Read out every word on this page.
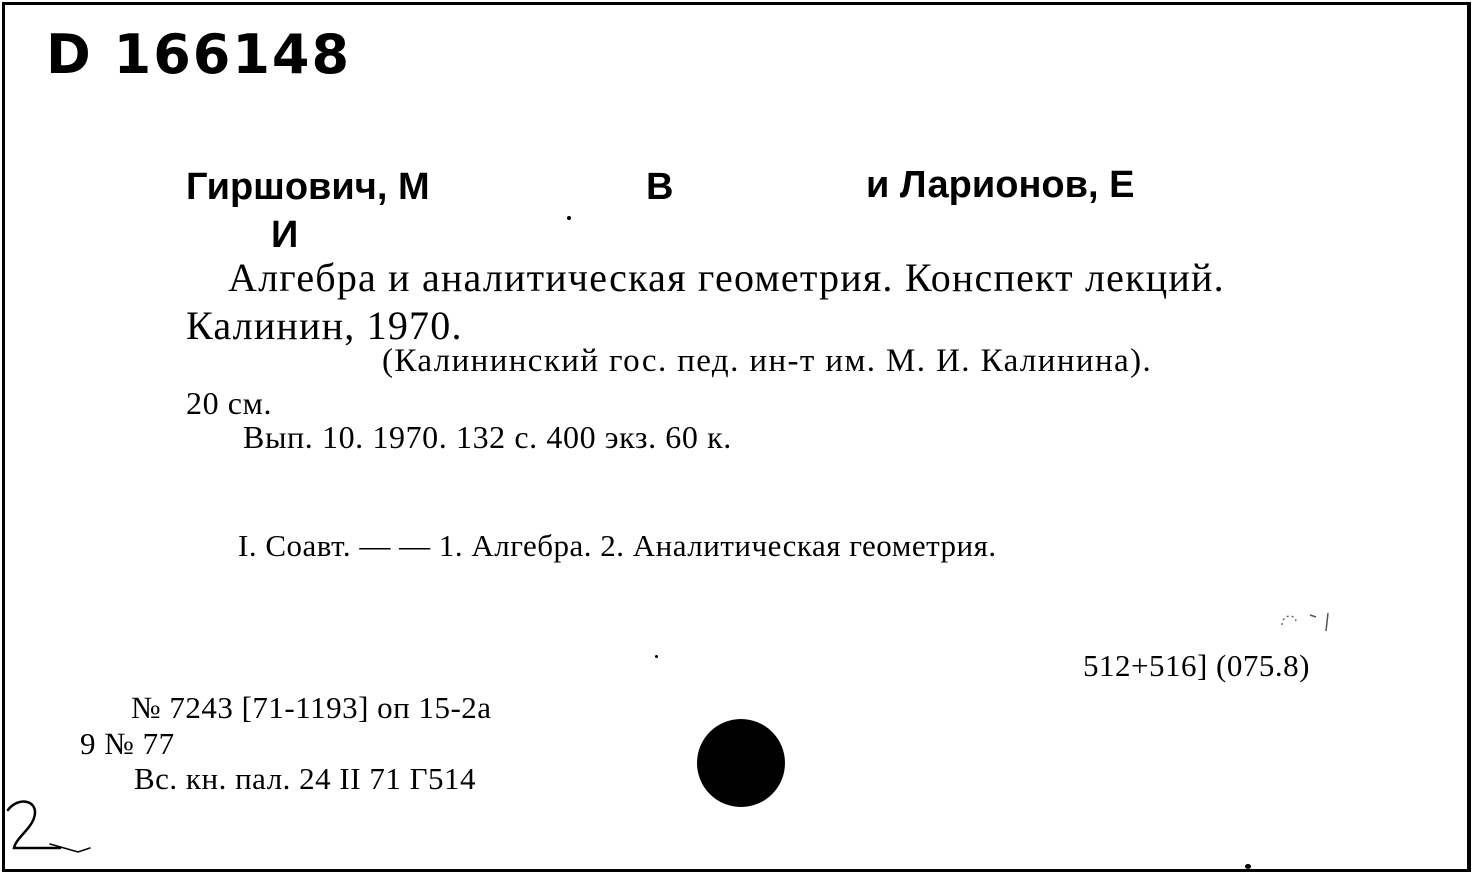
D 166148
Гиршович, М	В	и Ларионов, Е
И
Алгебра и аналитическая геометрия. Конспект лекций.
Калинин, 1970.
(Калининский гос. пед. ин-т им. М. И. Калинина).
20 см.
Вып. 10. 1970. 132 с. 400 экз. 60 к.
I. Соавт. — — 1. Алгебра. 2. Аналитическая геометрия.
512+516] (075.8)
№ 7243 [71-1193] оп 15-2а
9 № 77
Вс. кн. пал. 24 II 71 Г514
